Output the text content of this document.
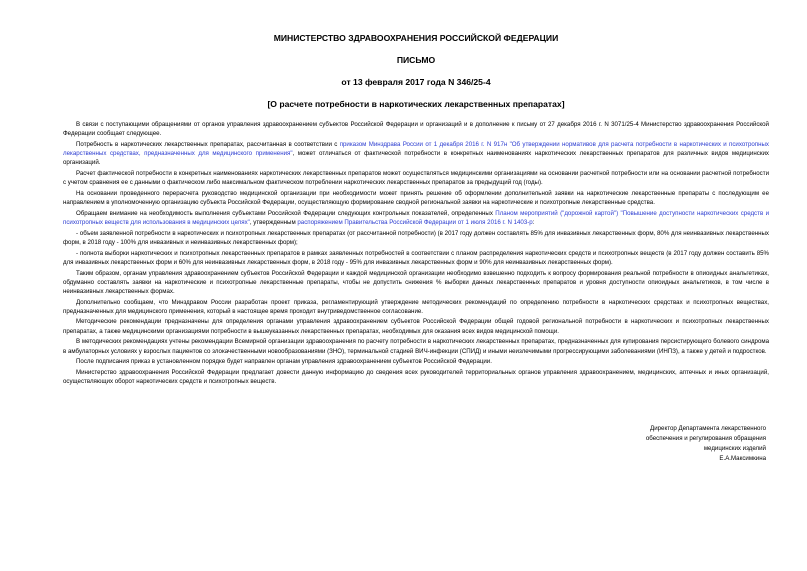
МИНИСТЕРСТВО ЗДРАВООХРАНЕНИЯ РОССИЙСКОЙ ФЕДЕРАЦИИ
ПИСЬМО
от 13 февраля 2017 года N 346/25-4
[О расчете потребности в наркотических лекарственных препаратах]

В связи с поступающими обращениями от органов управления здравоохранением субъектов Российской Федерации и организаций и в дополнение к письму от 27 декабря 2016 г. N 3071/25-4 Министерство здравоохранения Российской Федерации сообщает следующее.

Потребность в наркотических лекарственных препаратах, рассчитанная в соответствии с приказом Минздрава России от 1 декабря 2016 г. N 917н "Об утверждении нормативов для расчета потребности в наркотических и психотропных лекарственных средствах, предназначенных для медицинского применения", может отличаться от фактической потребности в конкретных наименованиях наркотических лекарственных препаратов для различных видов медицинских организаций.

Расчет фактической потребности в конкретных наименованиях наркотических лекарственных препаратов может осуществляться медицинскими организациями на основании расчетной потребности или на основании расчетной потребности с учетом сравнения ее с данными о фактическом либо максимальном фактическом потреблении наркотических лекарственных препаратов за предыдущий год (годы).

На основании проведенного перерасчета руководство медицинской организации при необходимости может принять решение об оформлении дополнительной заявки на наркотические лекарственные препараты с последующим ее направлением в уполномоченную организацию субъекта Российской Федерации, осуществляющую формирование сводной региональной заявки на наркотические и психотропные лекарственные средства.

Обращаем внимание на необходимость выполнения субъектами Российской Федерации следующих контрольных показателей, определенных Планом мероприятий ("дорожной картой") "Повышение доступности наркотических средств и психотропных веществ для использования в медицинских целях", утвержденным распоряжением Правительства Российской Федерации от 1 июля 2016 г. N 1403-р:

- объем заявленной потребности в наркотических и психотропных лекарственных препаратах (от рассчитанной потребности) (в 2017 году должен составлять 85% для инвазивных лекарственных форм, 80% для неинвазивных лекарственных форм, в 2018 году - 100% для инвазивных и неинвазивных лекарственных форм);

- полнота выборки наркотических и психотропных лекарственных препаратов в рамках заявленных потребностей в соответствии с планом распределения наркотических средств и психотропных веществ (в 2017 году должен составить 85% для инвазивных лекарственных форм и 60% для неинвазивных лекарственных форм, в 2018 году - 95% для инвазивных лекарственных форм и 90% для неинвазивных лекарственных форм).

Таким образом, органам управления здравоохранением субъектов Российской Федерации и каждой медицинской организации необходимо взвешенно подходить к вопросу формирования реальной потребности в опиоидных анальгетиках, обдуманно составлять заявки на наркотические и психотропные лекарственные препараты, чтобы не допустить снижения % выборки данных лекарственных препаратов и уровня доступности опиоидных анальгетиков, в том числе в неинвазивных лекарственных формах.

Дополнительно сообщаем, что Минздравом России разработан проект приказа, регламентирующий утверждение методических рекомендаций по определению потребности в наркотических средствах и психотропных веществах, предназначенных для медицинского применения, который в настоящее время проходит внутриведомственное согласование.

Методические рекомендации предназначены для определения органами управления здравоохранением субъектов Российской Федерации общей годовой региональной потребности в наркотических и психотропных лекарственных препаратах, а также медицинскими организациями потребности в вышеуказанных лекарственных препаратах, необходимых для оказания всех видов медицинской помощи.

В методических рекомендациях учтены рекомендации Всемирной организации здравоохранения по расчету потребности в наркотических лекарственных препаратах, предназначенных для купирования персистирующего болевого синдрома в амбулаторных условиях у взрослых пациентов со злокачественными новообразованиями (ЗНО), терминальной стадией ВИЧ-инфекции (СПИД) и иными неизлечимыми прогрессирующими заболеваниями (ИНПЗ), а также у детей и подростков.

После подписания приказ в установленном порядке будет направлен органам управления здравоохранением субъектов Российской Федерации.

Министерство здравоохранения Российской Федерации предлагает довести данную информацию до сведения всех руководителей территориальных органов управления здравоохранением, медицинских, аптечных и иных организаций, осуществляющих оборот наркотических средств и психотропных веществ.

Директор Департамента лекарственного
обеспечения и регулирования обращения
медицинских изделий
Е.А.Максимкина
